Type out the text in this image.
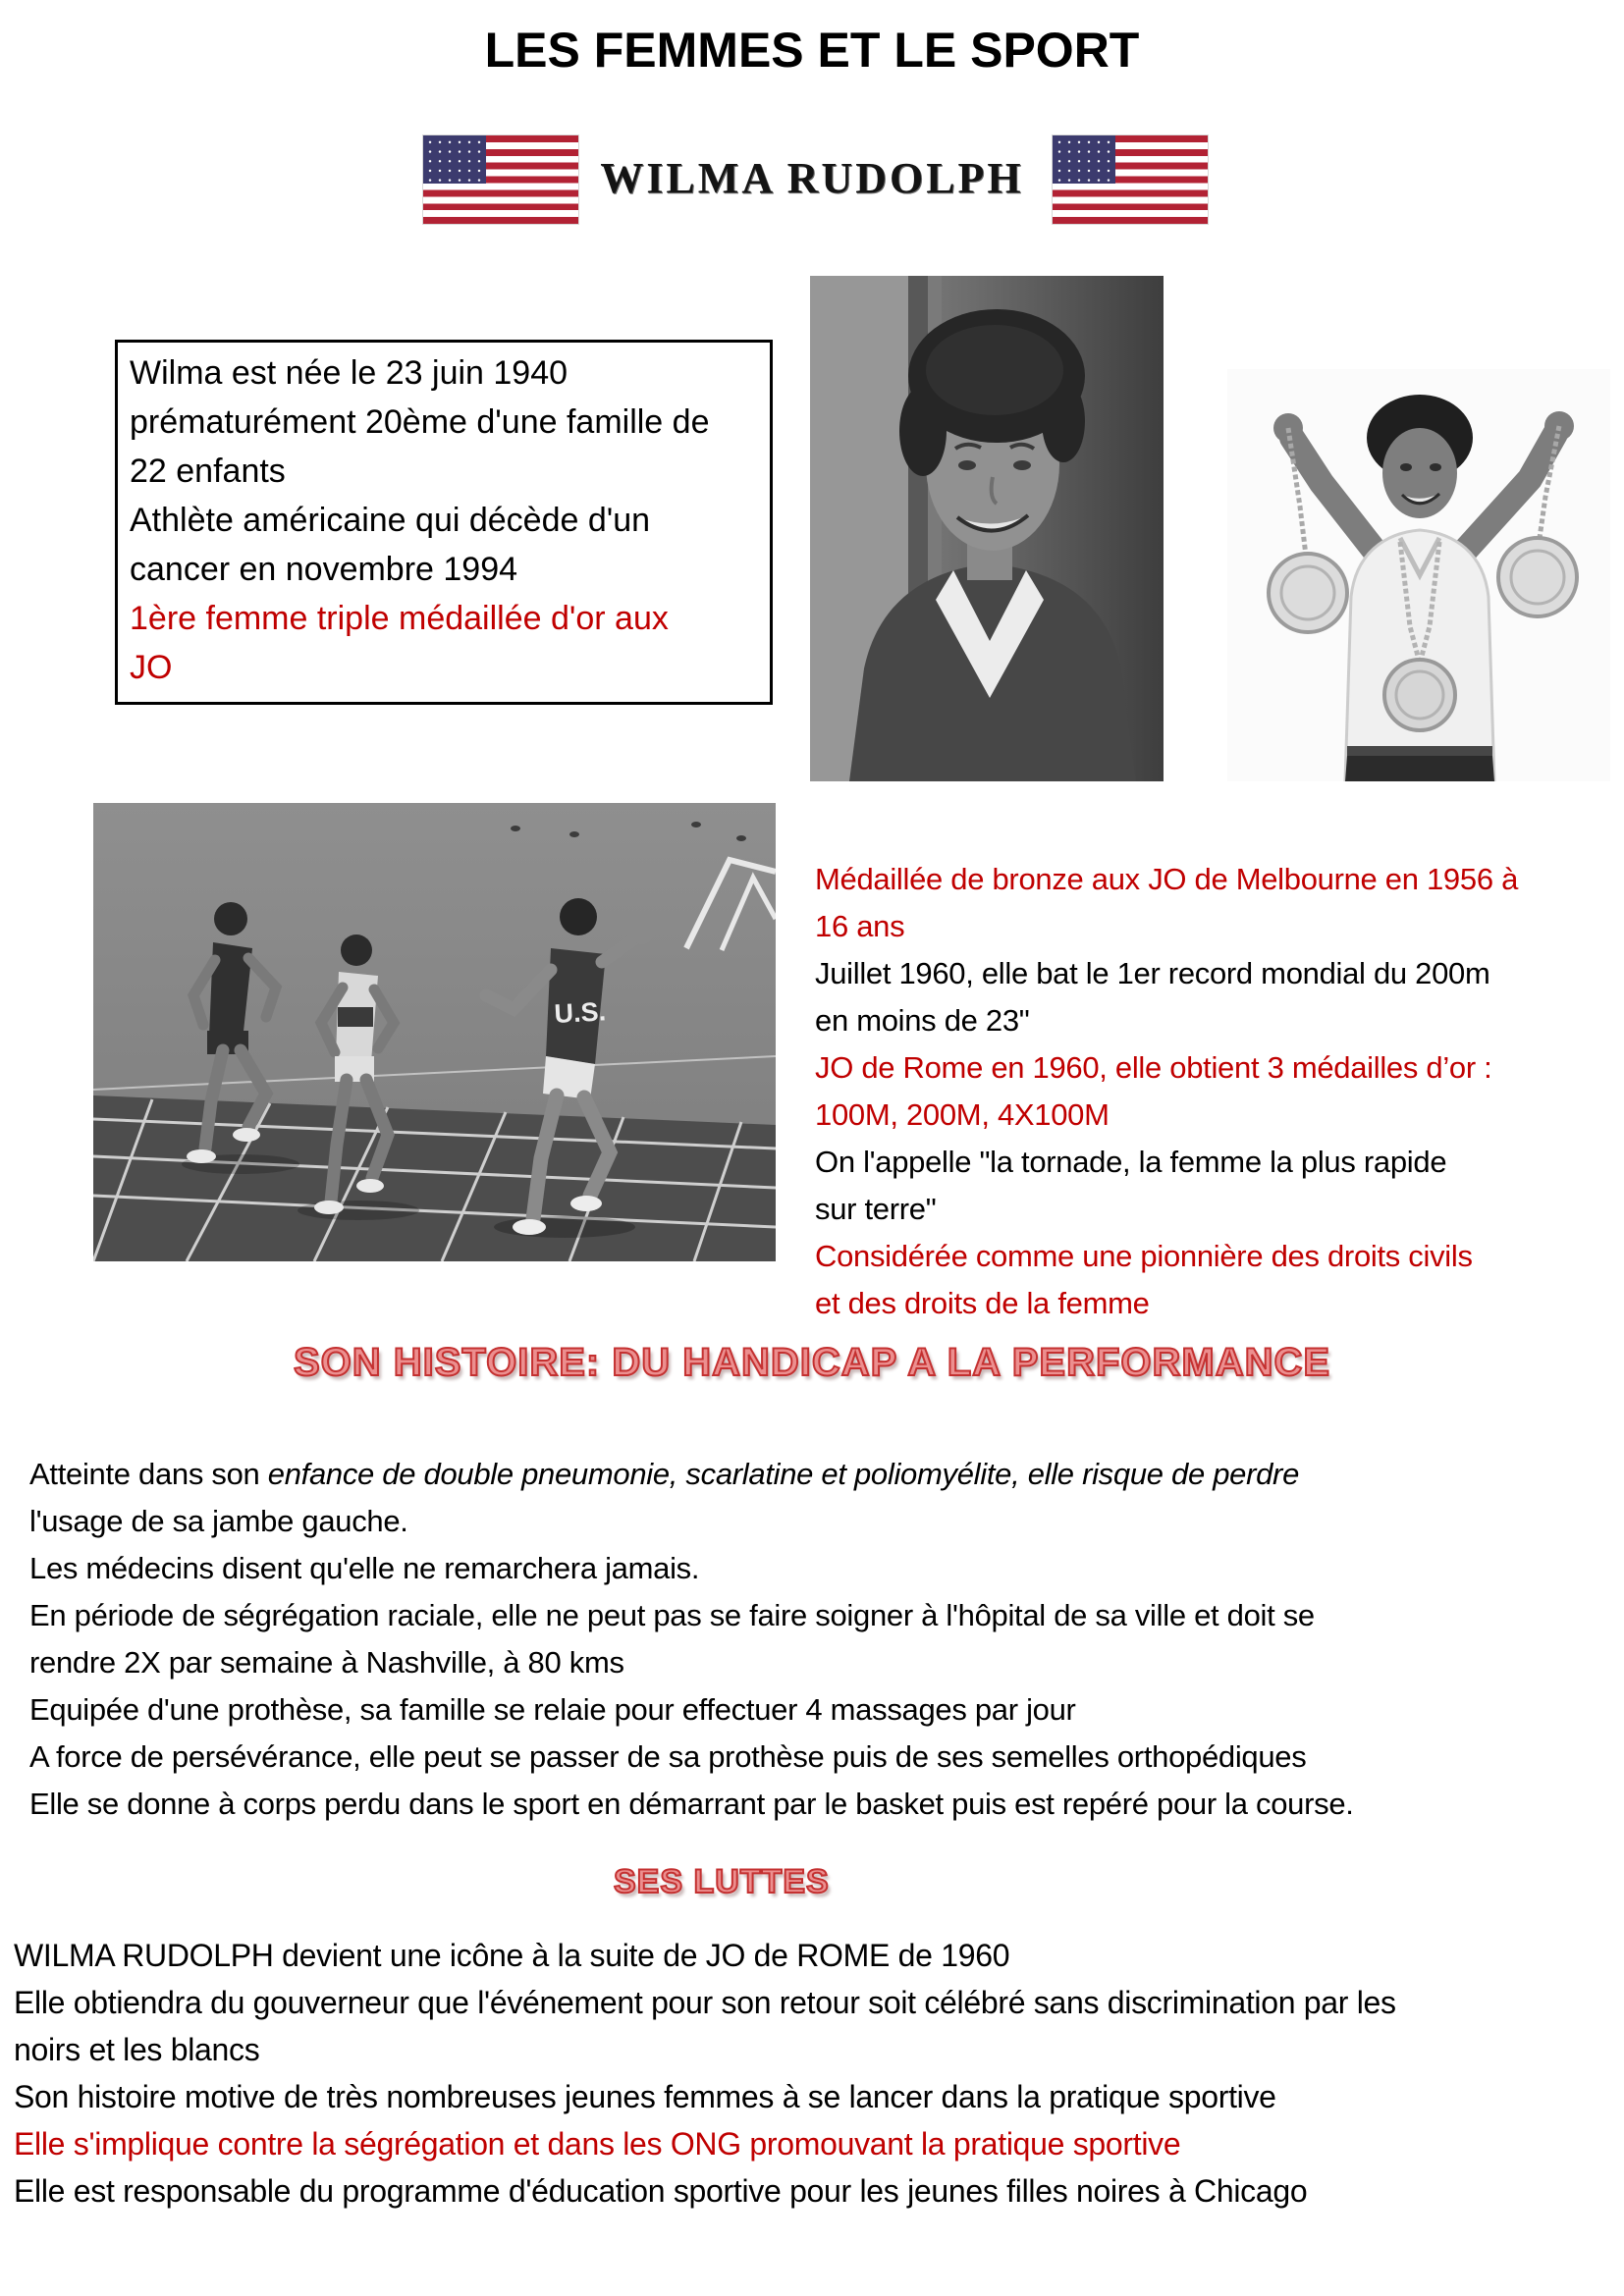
LES FEMMES ET LE SPORT
WILMA RUDOLPH
Wilma est née le 23 juin 1940
prématurément 20ème d'une famille de
22 enfants
Athlète américaine qui décède d'un
cancer en novembre 1994
1ère femme triple médaillée d'or aux
JO
U.S.
Médaillée de bronze aux JO de Melbourne en 1956 à
16 ans
Juillet 1960, elle bat le 1er record mondial du 200m
en moins de 23"
JO de Rome en 1960, elle obtient 3 médailles d’or :
100M, 200M, 4X100M
On l'appelle "la tornade, la femme la plus rapide
sur terre"
Considérée comme une pionnière des droits civils
et des droits de la femme
SON HISTOIRE: DU HANDICAP A LA PERFORMANCE
Atteinte dans son enfance de double pneumonie, scarlatine et poliomyélite, elle risque de perdre
l'usage de sa jambe gauche.
Les médecins disent qu'elle ne remarchera jamais.
En période de ségrégation raciale, elle ne peut pas se faire soigner à l'hôpital de sa ville et doit se
rendre 2X par semaine à Nashville, à 80 kms
Equipée d'une prothèse, sa famille se relaie pour effectuer 4 massages par jour
A force de persévérance, elle peut se passer de sa prothèse puis de ses semelles orthopédiques
Elle se donne à corps perdu dans le sport en démarrant par le basket puis est repéré pour la course.
SES LUTTES
WILMA RUDOLPH devient une icône à la suite de JO de ROME de 1960
Elle obtiendra du gouverneur que l'événement pour son retour soit célébré sans discrimination par les
noirs et les blancs
Son histoire motive de très nombreuses jeunes femmes à se lancer dans la pratique sportive
Elle s'implique contre la ségrégation et dans les ONG promouvant la pratique sportive
Elle est responsable du programme d'éducation sportive pour les jeunes filles noires à Chicago
